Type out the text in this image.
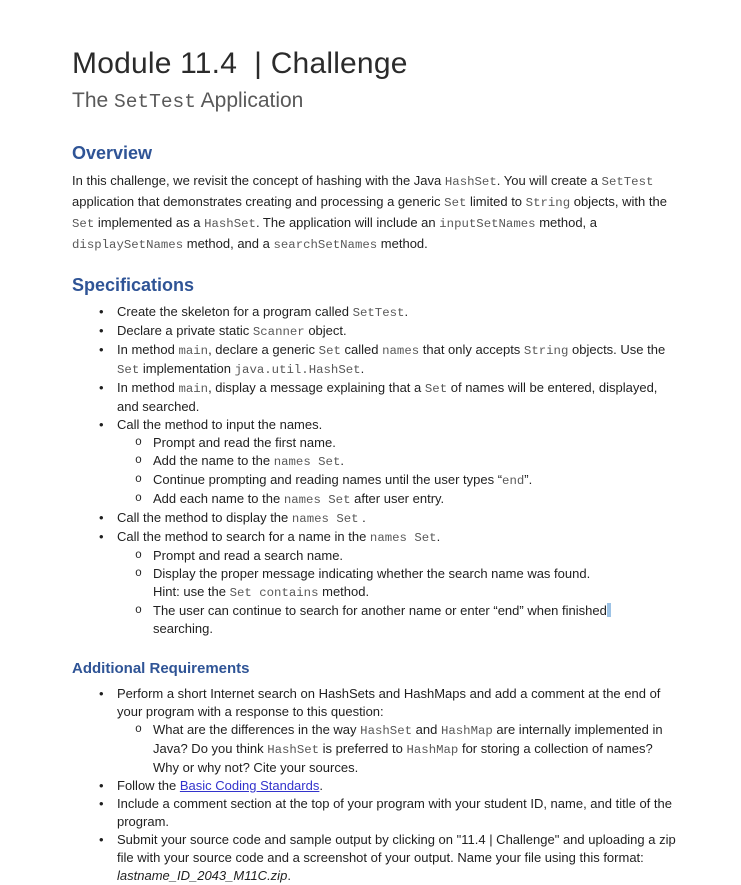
Module 11.4  | Challenge
The SetTest Application
Overview

In this challenge, we revisit the concept of hashing with the Java HashSet. You will create a SetTest application that demonstrates creating and processing a generic Set limited to String objects, with the Set implemented as a HashSet. The application will include an inputSetNames method, a displaySetNames method, and a searchSetNames method.

Specifications
•	Create the skeleton for a program called SetTest.
•	Declare a private static Scanner object.
•	In method main, declare a generic Set called names that only accepts String objects. Use the Set implementation java.util.HashSet.
•	In method main, display a message explaining that a Set of names will be entered, displayed, and searched.
•	Call the method to input the names.
o Prompt and read the first name.
o Add the name to the names Set.
o Continue prompting and reading names until the user types “end”.
o Add each name to the names Set after user entry.
•	Call the method to display the names Set .
•	Call the method to search for a name in the names Set.
o Prompt and read a search name.
o Display the proper message indicating whether the search name was found.
Hint: use the Set contains method.
o The user can continue to search for another name or enter “end” when finished
searching.
Additional Requirements
•	Perform a short Internet search on HashSets and HashMaps and add a comment at the end of your program with a response to this question:
o What are the differences in the way HashSet and HashMap are internally implemented in Java? Do you think HashSet is preferred to HashMap for storing a collection of names? Why or why not? Cite your sources.
•	Follow the Basic Coding Standards.
•	Include a comment section at the top of your program with your student ID, name, and title of the program.
•	Submit your source code and sample output by clicking on "11.4 | Challenge" and uploading a zip file with your source code and a screenshot of your output. Name your file using this format: lastname_ID_2043_M11C.zip.
